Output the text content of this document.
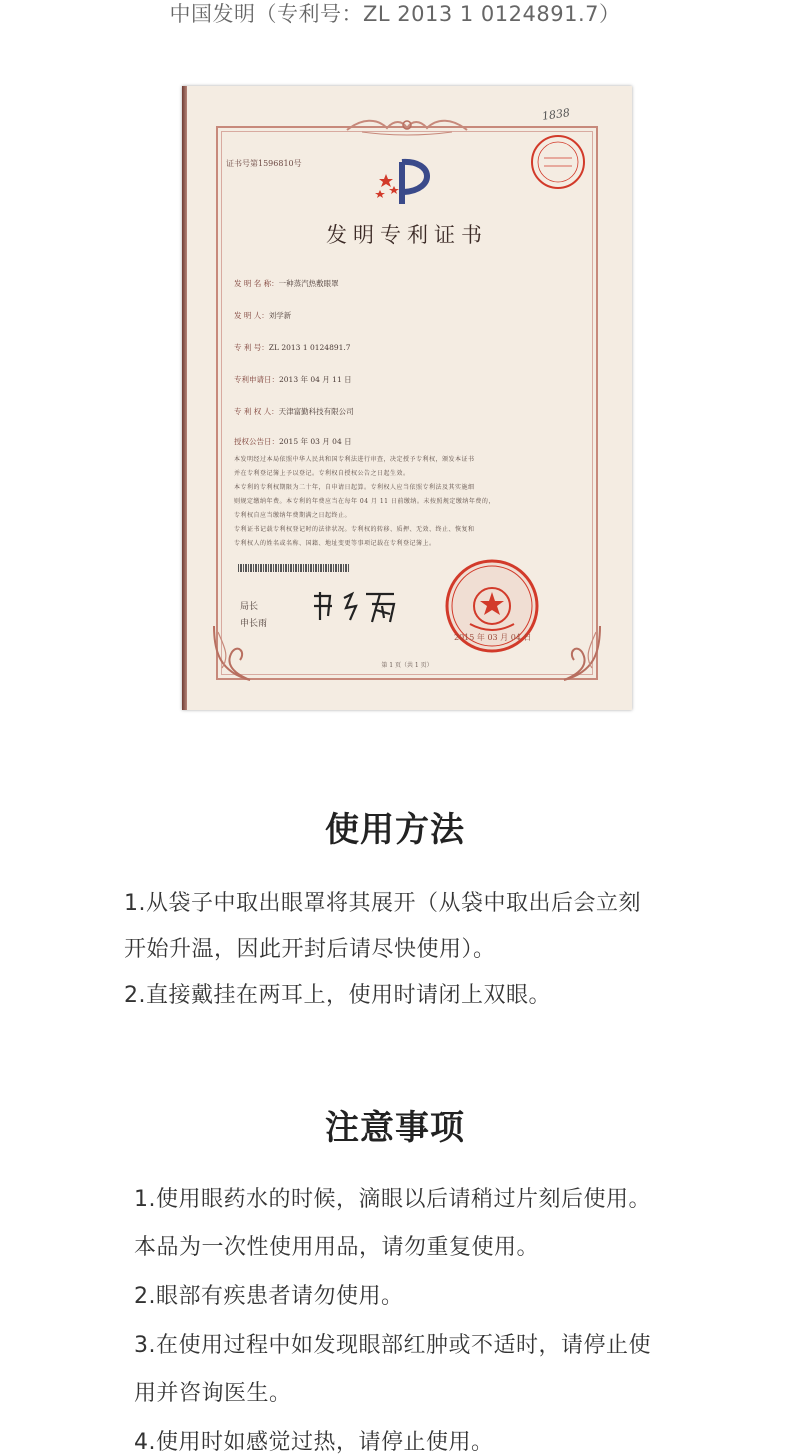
中国发明（专利号：ZL 2013 1 0124891.7）
证书号第1596810号
1838
发明专利证书
发 明 名 称：一种蒸汽热敷眼罩
发 明 人：刘学新
专 利 号：ZL 2013 1 0124891.7
专利申请日：2013 年 04 月 11 日
专 利 权 人：天津富勤科技有限公司
授权公告日：2015 年 03 月 04 日
本发明经过本局依照中华人民共和国专利法进行审查，决定授予专利权，颁发本证书
并在专利登记簿上予以登记。专利权自授权公告之日起生效。
本专利的专利权期限为二十年，自申请日起算。专利权人应当依照专利法及其实施细
则规定缴纳年费。本专利的年费应当在每年 04 月 11 日前缴纳。未按照规定缴纳年费的，
专利权自应当缴纳年费期满之日起终止。
专利证书记载专利权登记时的法律状况。专利权的转移、质押、无效、终止、恢复和
专利权人的姓名或名称、国籍、地址变更等事项记载在专利登记簿上。
局长
申长雨
2015 年 03 月 04 日
第 1 页（共 1 页）
使用方法
1.从袋子中取出眼罩将其展开（从袋中取出后会立刻
开始升温，因此开封后请尽快使用）。
2.直接戴挂在两耳上，使用时请闭上双眼。
注意事项
1.使用眼药水的时候，滴眼以后请稍过片刻后使用。
本品为一次性使用用品，请勿重复使用。
2.眼部有疾患者请勿使用。
3.在使用过程中如发现眼部红肿或不适时，请停止使
用并咨询医生。
4.使用时如感觉过热，请停止使用。
